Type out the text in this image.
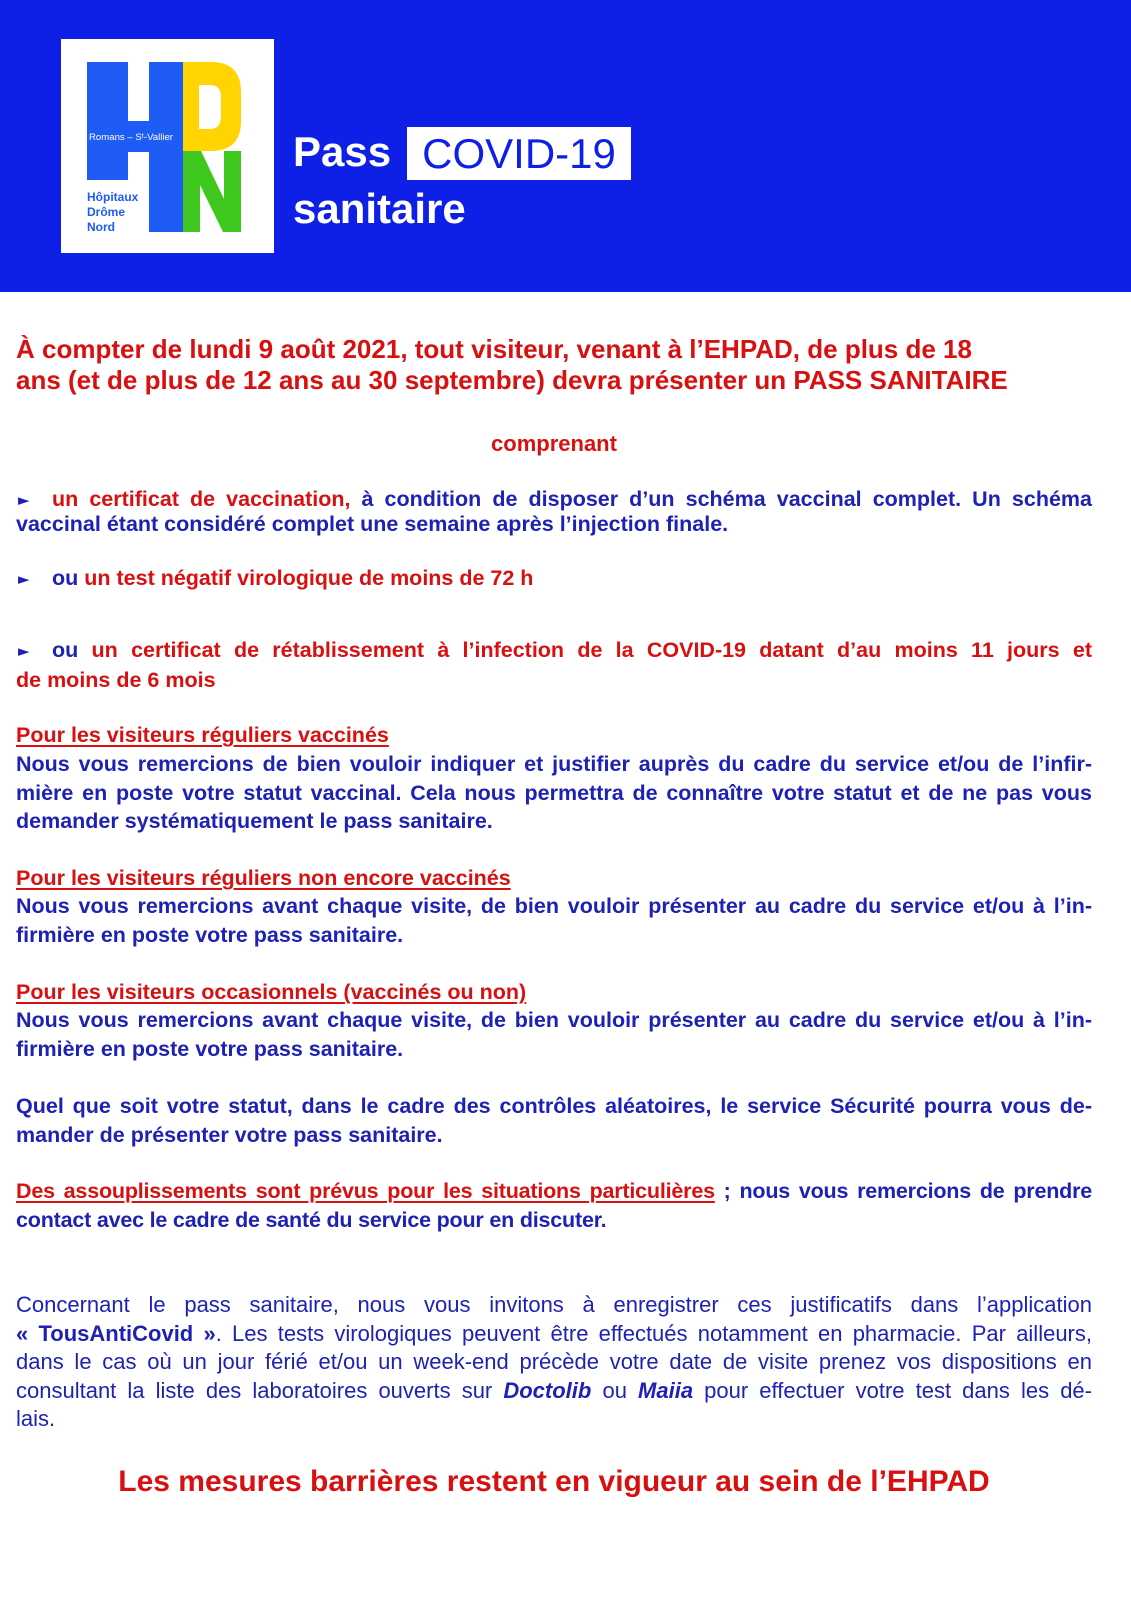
Romans – Sᵗ-Vallier
Hôpitaux
Drôme
Nord
Pass COVID-19
sanitaire
À compter de lundi 9 août 2021, tout visiteur, venant à l’EHPAD, de plus de 18
ans (et de plus de 12 ans au 30 septembre) devra présenter un PASS SANITAIRE
comprenant
► un certificat de vaccination, à condition de disposer d’un schéma vaccinal complet. Un schéma
vaccinal étant considéré complet une semaine après l’injection finale.
► ou un test négatif virologique de moins de 72 h
► ou un certificat de rétablissement à l’infection de la COVID-19 datant d’au moins 11 jours et
de moins de 6 mois
Pour les visiteurs réguliers vaccinés
Nous vous remercions de bien vouloir indiquer et justifier auprès du cadre du service et/ou de l’infir-
mière en poste votre statut vaccinal. Cela nous permettra de connaître votre statut et de ne pas vous
demander systématiquement le pass sanitaire.
Pour les visiteurs réguliers non encore vaccinés
Nous vous remercions avant chaque visite, de bien vouloir présenter au cadre du service et/ou à l’in-
firmière en poste votre pass sanitaire.
Pour les visiteurs occasionnels (vaccinés ou non)
Nous vous remercions avant chaque visite, de bien vouloir présenter au cadre du service et/ou à l’in-
firmière en poste votre pass sanitaire.
Quel que soit votre statut, dans le cadre des contrôles aléatoires, le service Sécurité pourra vous de-
mander de présenter votre pass sanitaire.
Des assouplissements sont prévus pour les situations particulières ; nous vous remercions de prendre
contact avec le cadre de santé du service pour en discuter.
Concernant le pass sanitaire, nous vous invitons à enregistrer ces justificatifs dans l’application
« TousAntiCovid ». Les tests virologiques peuvent être effectués notamment en pharmacie. Par ailleurs,
dans le cas où un jour férié et/ou un week-end précède votre date de visite prenez vos dispositions en
consultant la liste des laboratoires ouverts sur Doctolib ou Maiia pour effectuer votre test dans les dé-
lais.
Les mesures barrières restent en vigueur au sein de l’EHPAD
